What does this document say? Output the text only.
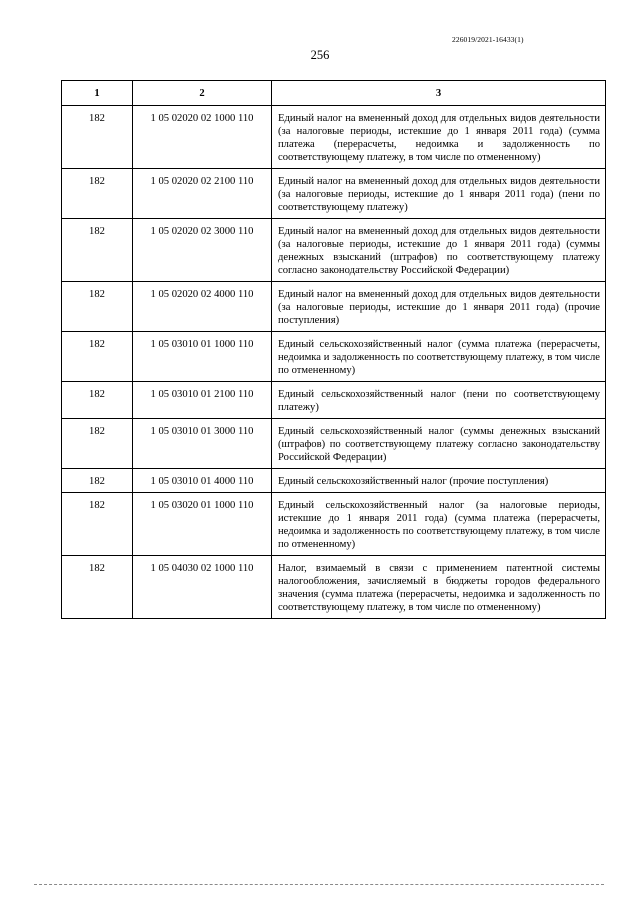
226019/2021-16433(1)
256
1	2	3
182	1 05 02020 02 1000 110	Единый налог на вмененный доход для отдельных видов деятельности (за налоговые периоды, истекшие до 1 января 2011 года) (сумма платежа (перерасчеты, недоимка и задолженность по соответствующему платежу, в том числе по отмененному)
182	1 05 02020 02 2100 110	Единый налог на вмененный доход для отдельных видов деятельности (за налоговые периоды, истекшие до 1 января 2011 года) (пени по соответствующему платежу)
182	1 05 02020 02 3000 110	Единый налог на вмененный доход для отдельных видов деятельности (за налоговые периоды, истекшие до 1 января 2011 года) (суммы денежных взысканий (штрафов) по соответствующему платежу согласно законодательству Российской Федерации)
182	1 05 02020 02 4000 110	Единый налог на вмененный доход для отдельных видов деятельности (за налоговые периоды, истекшие до 1 января 2011 года) (прочие поступления)
182	1 05 03010 01 1000 110	Единый сельскохозяйственный налог (сумма платежа (перерасчеты, недоимка и задолженность по соответствующему платежу, в том числе по отмененному)
182	1 05 03010 01 2100 110	Единый сельскохозяйственный налог (пени по соответствующему платежу)
182	1 05 03010 01 3000 110	Единый сельскохозяйственный налог (суммы денежных взысканий (штрафов) по соответствующему платежу согласно законодательству Российской Федерации)
182	1 05 03010 01 4000 110	Единый сельскохозяйственный налог (прочие поступления)
182	1 05 03020 01 1000 110	Единый сельскохозяйственный налог (за налоговые периоды, истекшие до 1 января 2011 года) (сумма платежа (перерасчеты, недоимка и задолженность по соответствующему платежу, в том числе по отмененному)
182	1 05 04030 02 1000 110	Налог, взимаемый в связи с применением патентной системы налогообложения, зачисляемый в бюджеты городов федерального значения (сумма платежа (перерасчеты, недоимка и задолженность по соответствующему платежу, в том числе по отмененному)
